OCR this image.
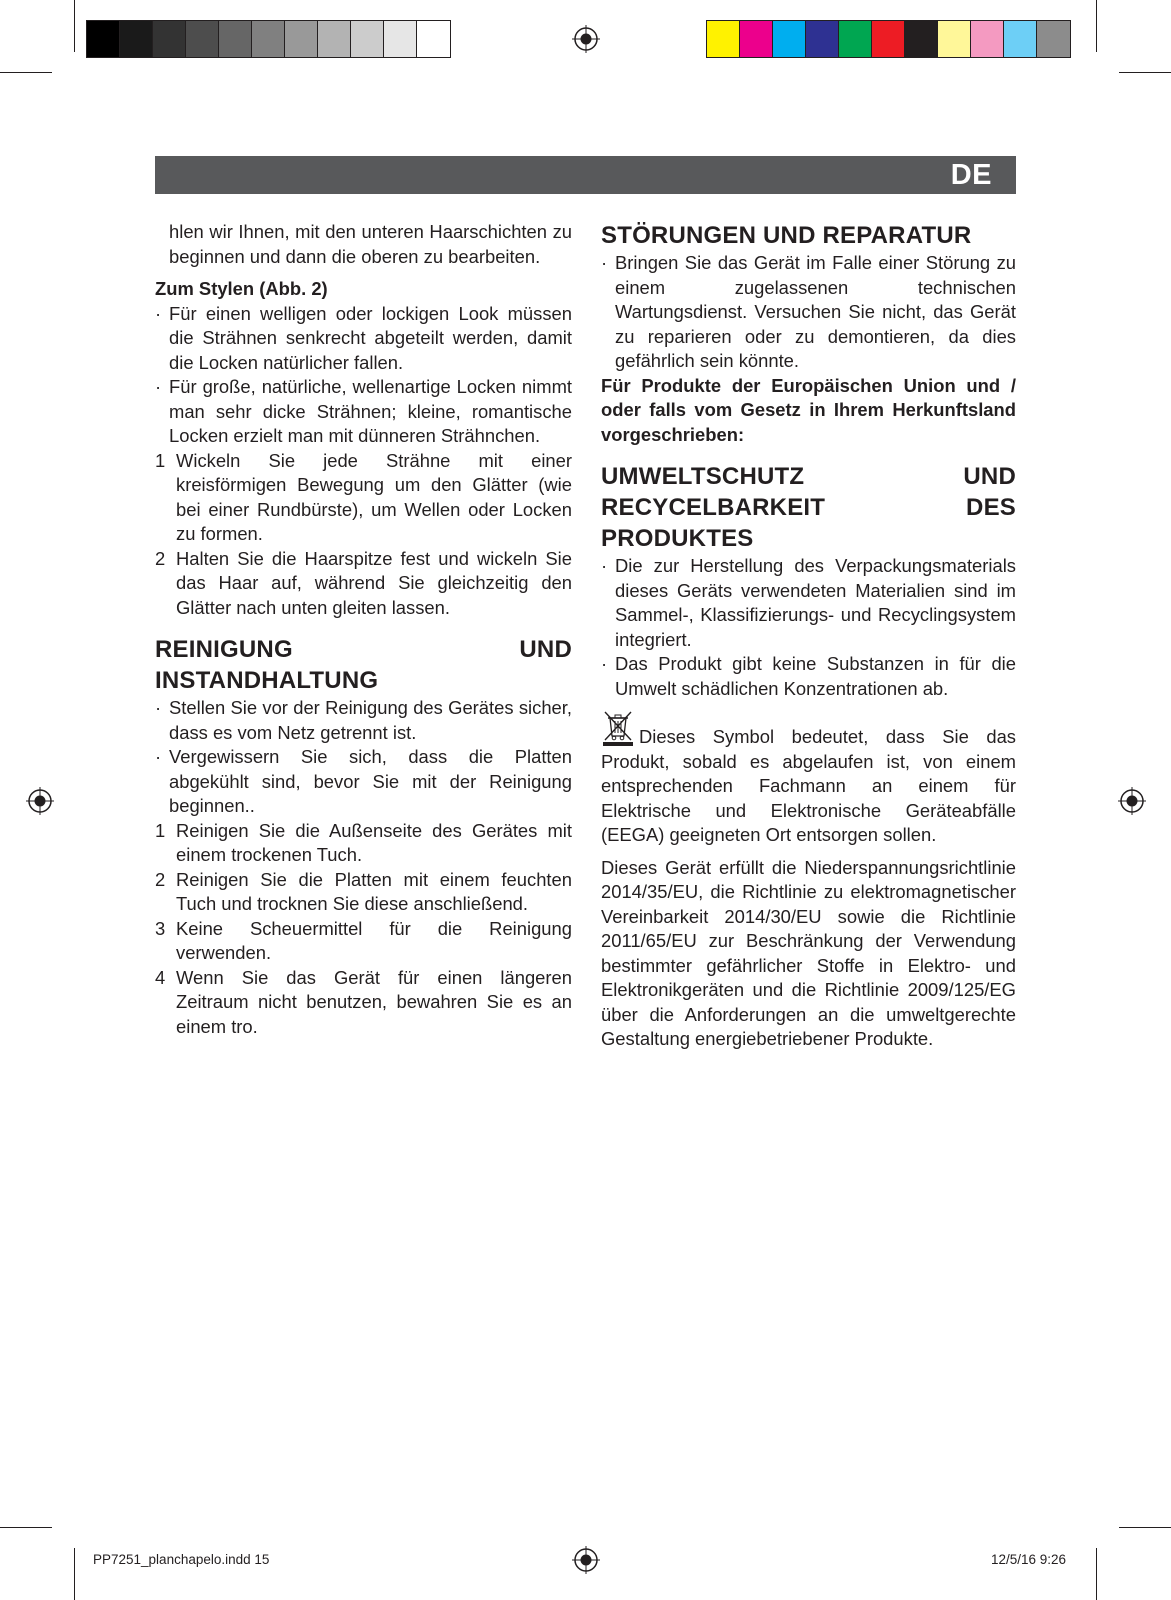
DE

hlen wir Ihnen, mit den unteren Haarschichten zu beginnen und dann die oberen zu bearbeiten.

Zum Stylen (Abb. 2)

· Für einen welligen oder lockigen Look müssen die Strähnen senkrecht abgeteilt werden, damit die Locken natürlicher fallen.
· Für große, natürliche, wellenartige Locken nimmt man sehr dicke Strähnen; kleine, romantische Locken erzielt man mit dünneren Strähnchen.
1 Wickeln Sie jede Strähne mit einer kreisförmigen Bewegung um den Glätter (wie bei einer Rundbürste), um Wellen oder Locken zu formen.
2 Halten Sie die Haarspitze fest und wickeln Sie das Haar auf, während Sie gleichzeitig den Glätter nach unten gleiten lassen.
REINIGUNG UND INSTANDHALTUNG
· Stellen Sie vor der Reinigung des Gerätes sicher, dass es vom Netz getrennt ist.
· Vergewissern Sie sich, dass die Platten abgekühlt sind, bevor Sie mit der Reinigung beginnen..
1 Reinigen Sie die Außenseite des Gerätes mit einem trockenen Tuch.
2 Reinigen Sie die Platten mit einem feuchten Tuch und trocknen Sie diese anschließend.
3 Keine Scheuermittel für die Reinigung verwenden.
4 Wenn Sie das Gerät für einen längeren Zeitraum nicht benutzen, bewahren Sie es an einem tro.
STÖRUNGEN UND REPARATUR
· Bringen Sie das Gerät im Falle einer Störung zu einem zugelassenen technischen Wartungsdienst. Versuchen Sie nicht, das Gerät zu reparieren oder zu demontieren, da dies gefährlich sein könnte.

Für Produkte der Europäischen Union und / oder falls vom Gesetz in Ihrem Herkunftsland vorgeschrieben:

UMWELTSCHUTZ UND RECYCELBARKEIT DES PRODUKTES
· Die zur Herstellung des Verpackungsmaterials dieses Geräts verwendeten Materialien sind im Sammel-, Klassifizierungs- und Recyclingsystem integriert.
· Das Produkt gibt keine Substanzen in für die Umwelt schädlichen Konzentrationen ab.

Dieses Symbol bedeutet, dass Sie das Produkt, sobald es abgelaufen ist, von einem entsprechenden Fachmann an einem für Elektrische und Elektronische Geräteabfälle (EEGA) geeigneten Ort entsorgen sollen.

Dieses Gerät erfüllt die Niederspannungsrichtlinie 2014/35/EU, die Richtlinie zu elektromagnetischer Vereinbarkeit 2014/30/EU sowie die Richtlinie 2011/65/EU zur Beschränkung der Verwendung bestimmter gefährlicher Stoffe in Elektro- und Elektronikgeräten und die Richtlinie 2009/125/EG über die Anforderungen an die umweltgerechte Gestaltung energiebetriebener Produkte.

PP7251_planchapelo.indd 15	12/5/16 9:26
